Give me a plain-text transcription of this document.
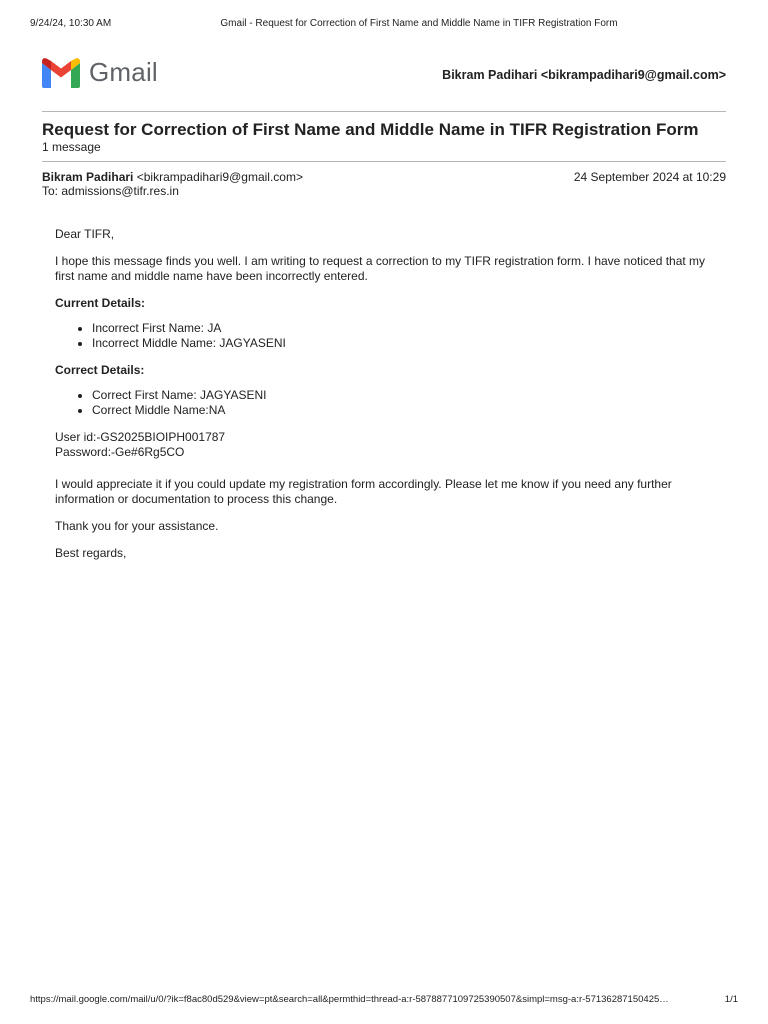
9/24/24, 10:30 AM	Gmail - Request for Correction of First Name and Middle Name in TIFR Registration Form
Gmail	Bikram Padihari <bikrampadihari9@gmail.com>
Request for Correction of First Name and Middle Name in TIFR Registration Form
1 message
Bikram Padihari <bikrampadihari9@gmail.com>
To: admissions@tifr.res.in
24 September 2024 at 10:29

Dear TIFR,

I hope this message finds you well. I am writing to request a correction to my TIFR registration form. I have noticed that my first name and middle name have been incorrectly entered.

Current Details:

• Incorrect First Name: JA
• Incorrect Middle Name: JAGYASENI

Correct Details:

• Correct First Name: JAGYASENI
• Correct Middle Name:NA

User id:-GS2025BIOIPH001787

Password:-Ge#6Rg5CO

I would appreciate it if you could update my registration form accordingly. Please let me know if you need any further information or documentation to process this change.

Thank you for your assistance.

Best regards,

https://mail.google.com/mail/u/0/?ik=f8ac80d529&view=pt&search=all&permthid=thread-a:r-5878877109725390507&simpl=msg-a:r-57136287150425…	1/1
